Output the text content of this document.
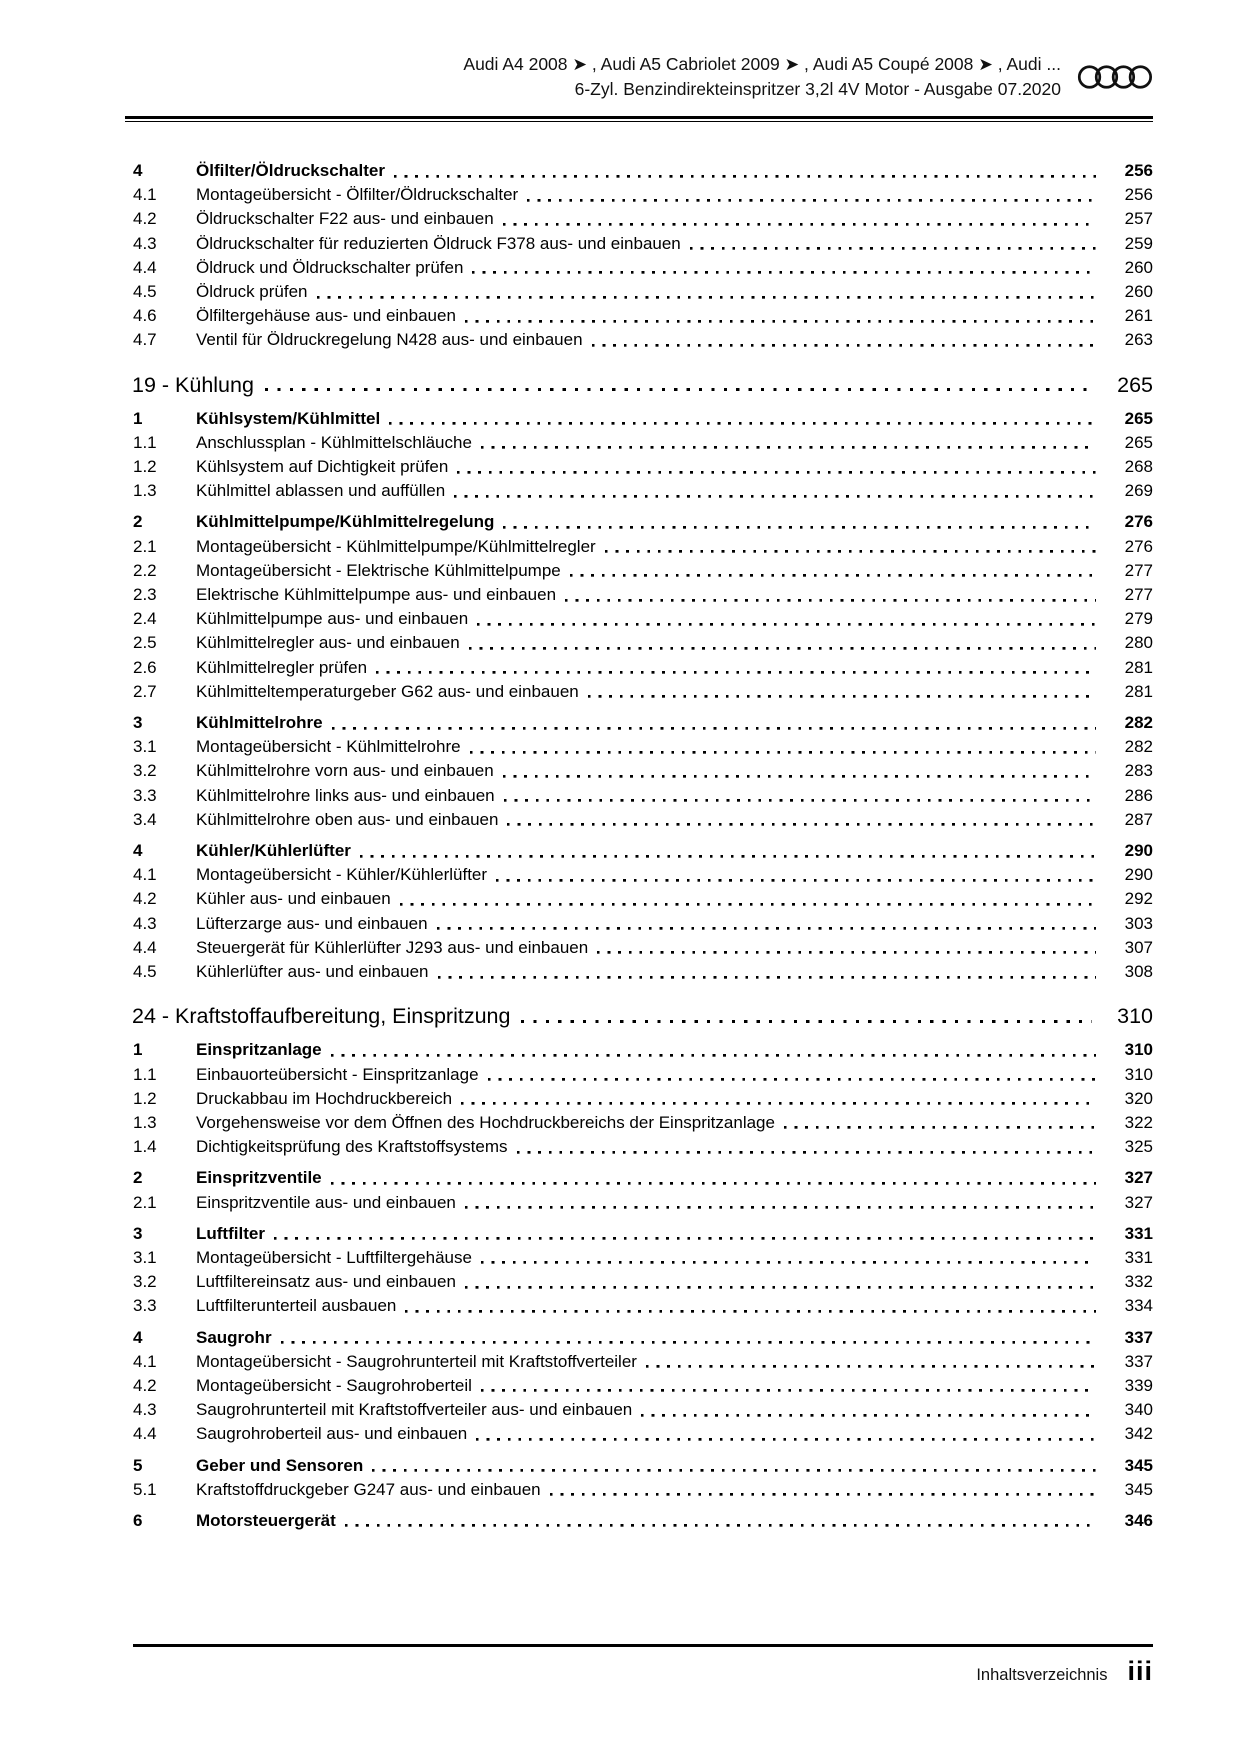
Audi A4 2008 ➤ , Audi A5 Cabriolet 2009 ➤ , Audi A5 Coupé 2008 ➤ , Audi ...
6-Zyl. Benzindirekteinspritzer 3,2l 4V Motor - Ausgabe 07.2020
4	Ölfilter/Öldruckschalter	256
4.1	Montageübersicht - Ölfilter/Öldruckschalter	256
4.2	Öldruckschalter F22 aus- und einbauen	257
4.3	Öldruckschalter für reduzierten Öldruck F378 aus- und einbauen	259
4.4	Öldruck und Öldruckschalter prüfen	260
4.5	Öldruck prüfen	260
4.6	Ölfiltergehäuse aus- und einbauen	261
4.7	Ventil für Öldruckregelung N428 aus- und einbauen	263
19 - Kühlung	265
1	Kühlsystem/Kühlmittel	265
1.1	Anschlussplan - Kühlmittelschläuche	265
1.2	Kühlsystem auf Dichtigkeit prüfen	268
1.3	Kühlmittel ablassen und auffüllen	269
2	Kühlmittelpumpe/Kühlmittelregelung	276
2.1	Montageübersicht - Kühlmittelpumpe/Kühlmittelregler	276
2.2	Montageübersicht - Elektrische Kühlmittelpumpe	277
2.3	Elektrische Kühlmittelpumpe aus- und einbauen	277
2.4	Kühlmittelpumpe aus- und einbauen	279
2.5	Kühlmittelregler aus- und einbauen	280
2.6	Kühlmittelregler prüfen	281
2.7	Kühlmitteltemperaturgeber G62 aus- und einbauen	281
3	Kühlmittelrohre	282
3.1	Montageübersicht - Kühlmittelrohre	282
3.2	Kühlmittelrohre vorn aus- und einbauen	283
3.3	Kühlmittelrohre links aus- und einbauen	286
3.4	Kühlmittelrohre oben aus- und einbauen	287
4	Kühler/Kühlerlüfter	290
4.1	Montageübersicht - Kühler/Kühlerlüfter	290
4.2	Kühler aus- und einbauen	292
4.3	Lüfterzarge aus- und einbauen	303
4.4	Steuergerät für Kühlerlüfter J293 aus- und einbauen	307
4.5	Kühlerlüfter aus- und einbauen	308
24 - Kraftstoffaufbereitung, Einspritzung	310
1	Einspritzanlage	310
1.1	Einbauorteübersicht - Einspritzanlage	310
1.2	Druckabbau im Hochdruckbereich	320
1.3	Vorgehensweise vor dem Öffnen des Hochdruckbereichs der Einspritzanlage	322
1.4	Dichtigkeitsprüfung des Kraftstoffsystems	325
2	Einspritzventile	327
2.1	Einspritzventile aus- und einbauen	327
3	Luftfilter	331
3.1	Montageübersicht - Luftfiltergehäuse	331
3.2	Luftfiltereinsatz aus- und einbauen	332
3.3	Luftfilterunterteil ausbauen	334
4	Saugrohr	337
4.1	Montageübersicht - Saugrohrunterteil mit Kraftstoffverteiler	337
4.2	Montageübersicht - Saugrohroberteil	339
4.3	Saugrohrunterteil mit Kraftstoffverteiler aus- und einbauen	340
4.4	Saugrohroberteil aus- und einbauen	342
5	Geber und Sensoren	345
5.1	Kraftstoffdruckgeber G247 aus- und einbauen	345
6	Motorsteuergerät	346
Inhaltsverzeichnis iii
